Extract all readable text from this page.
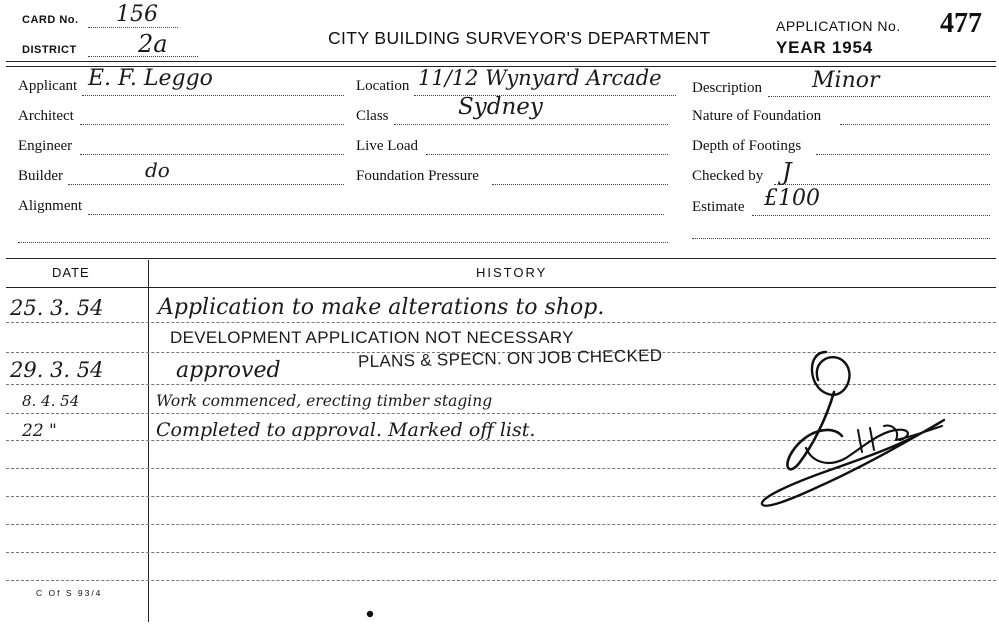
CARD No. 156
DISTRICT	2a	CITY BUILDING SURVEYOR'S DEPARTMENT
APPLICATION No. 477
YEAR 1954
Applicant E. F. Leggo
Architect
Engineer
Builder	do
Alignment
Location 11/12 Wynyard Arcade
Class	Sydney
Live Load
Foundation Pressure
Description Minor
Nature of Foundation
Depth of Footings
Checked by J
Estimate £100
DATE	HISTORY
25. 3. 54 Application to make alterations to shop.
DEVELOPMENT APPLICATION NOT NECESSARY
29. 3. 54	approved	PLANS & SPECN. ON JOB CHECKED
8. 4. 54	Work commenced, erecting timber staging
22 "	Completed to approval. Marked off list.
C Of S 93/4
